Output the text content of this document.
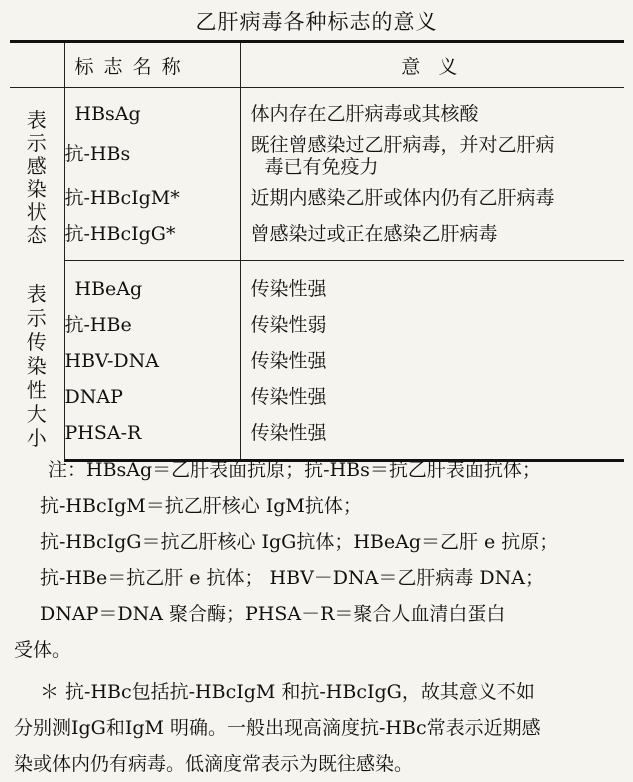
乙肝病毒各种标志的意义
	标 志 名 称	意 义

表示感染状态	HBsAg	体内存在乙肝病毒或其核酸
	抗-HBs	既往曾感染过乙肝病毒，并对乙肝病
毒已有免疫力

	抗-HBcIgM*	近期内感染乙肝或体内仍有乙肝病毒
	抗-HBcIgG*	曾感染过或正在感染乙肝病毒

表示传染性大小	HBeAg	传染性强
	抗-HBe	传染性弱
	HBV-DNA	传染性强
	DNAP	传染性强
	PHSA-R	传染性强

注：HBsAg＝乙肝表面抗原；抗-HBs＝抗乙肝表面抗体；

抗-HBcIgM＝抗乙肝核心 IgM抗体；

抗-HBcIgG＝抗乙肝核心 IgG抗体；HBeAg＝乙肝 e 抗原；

抗-HBe＝抗乙肝 e 抗体； HBV－DNA＝乙肝病毒 DNA；

DNAP＝DNA 聚合酶；PHSA－R＝聚合人血清白蛋白

受体。

＊ 抗-HBc包括抗-HBcIgM 和抗-HBcIgG，故其意义不如

分别测IgG和IgM 明确。一般出现高滴度抗-HBc常表示近期感

染或体内仍有病毒。低滴度常表示为既往感染。
